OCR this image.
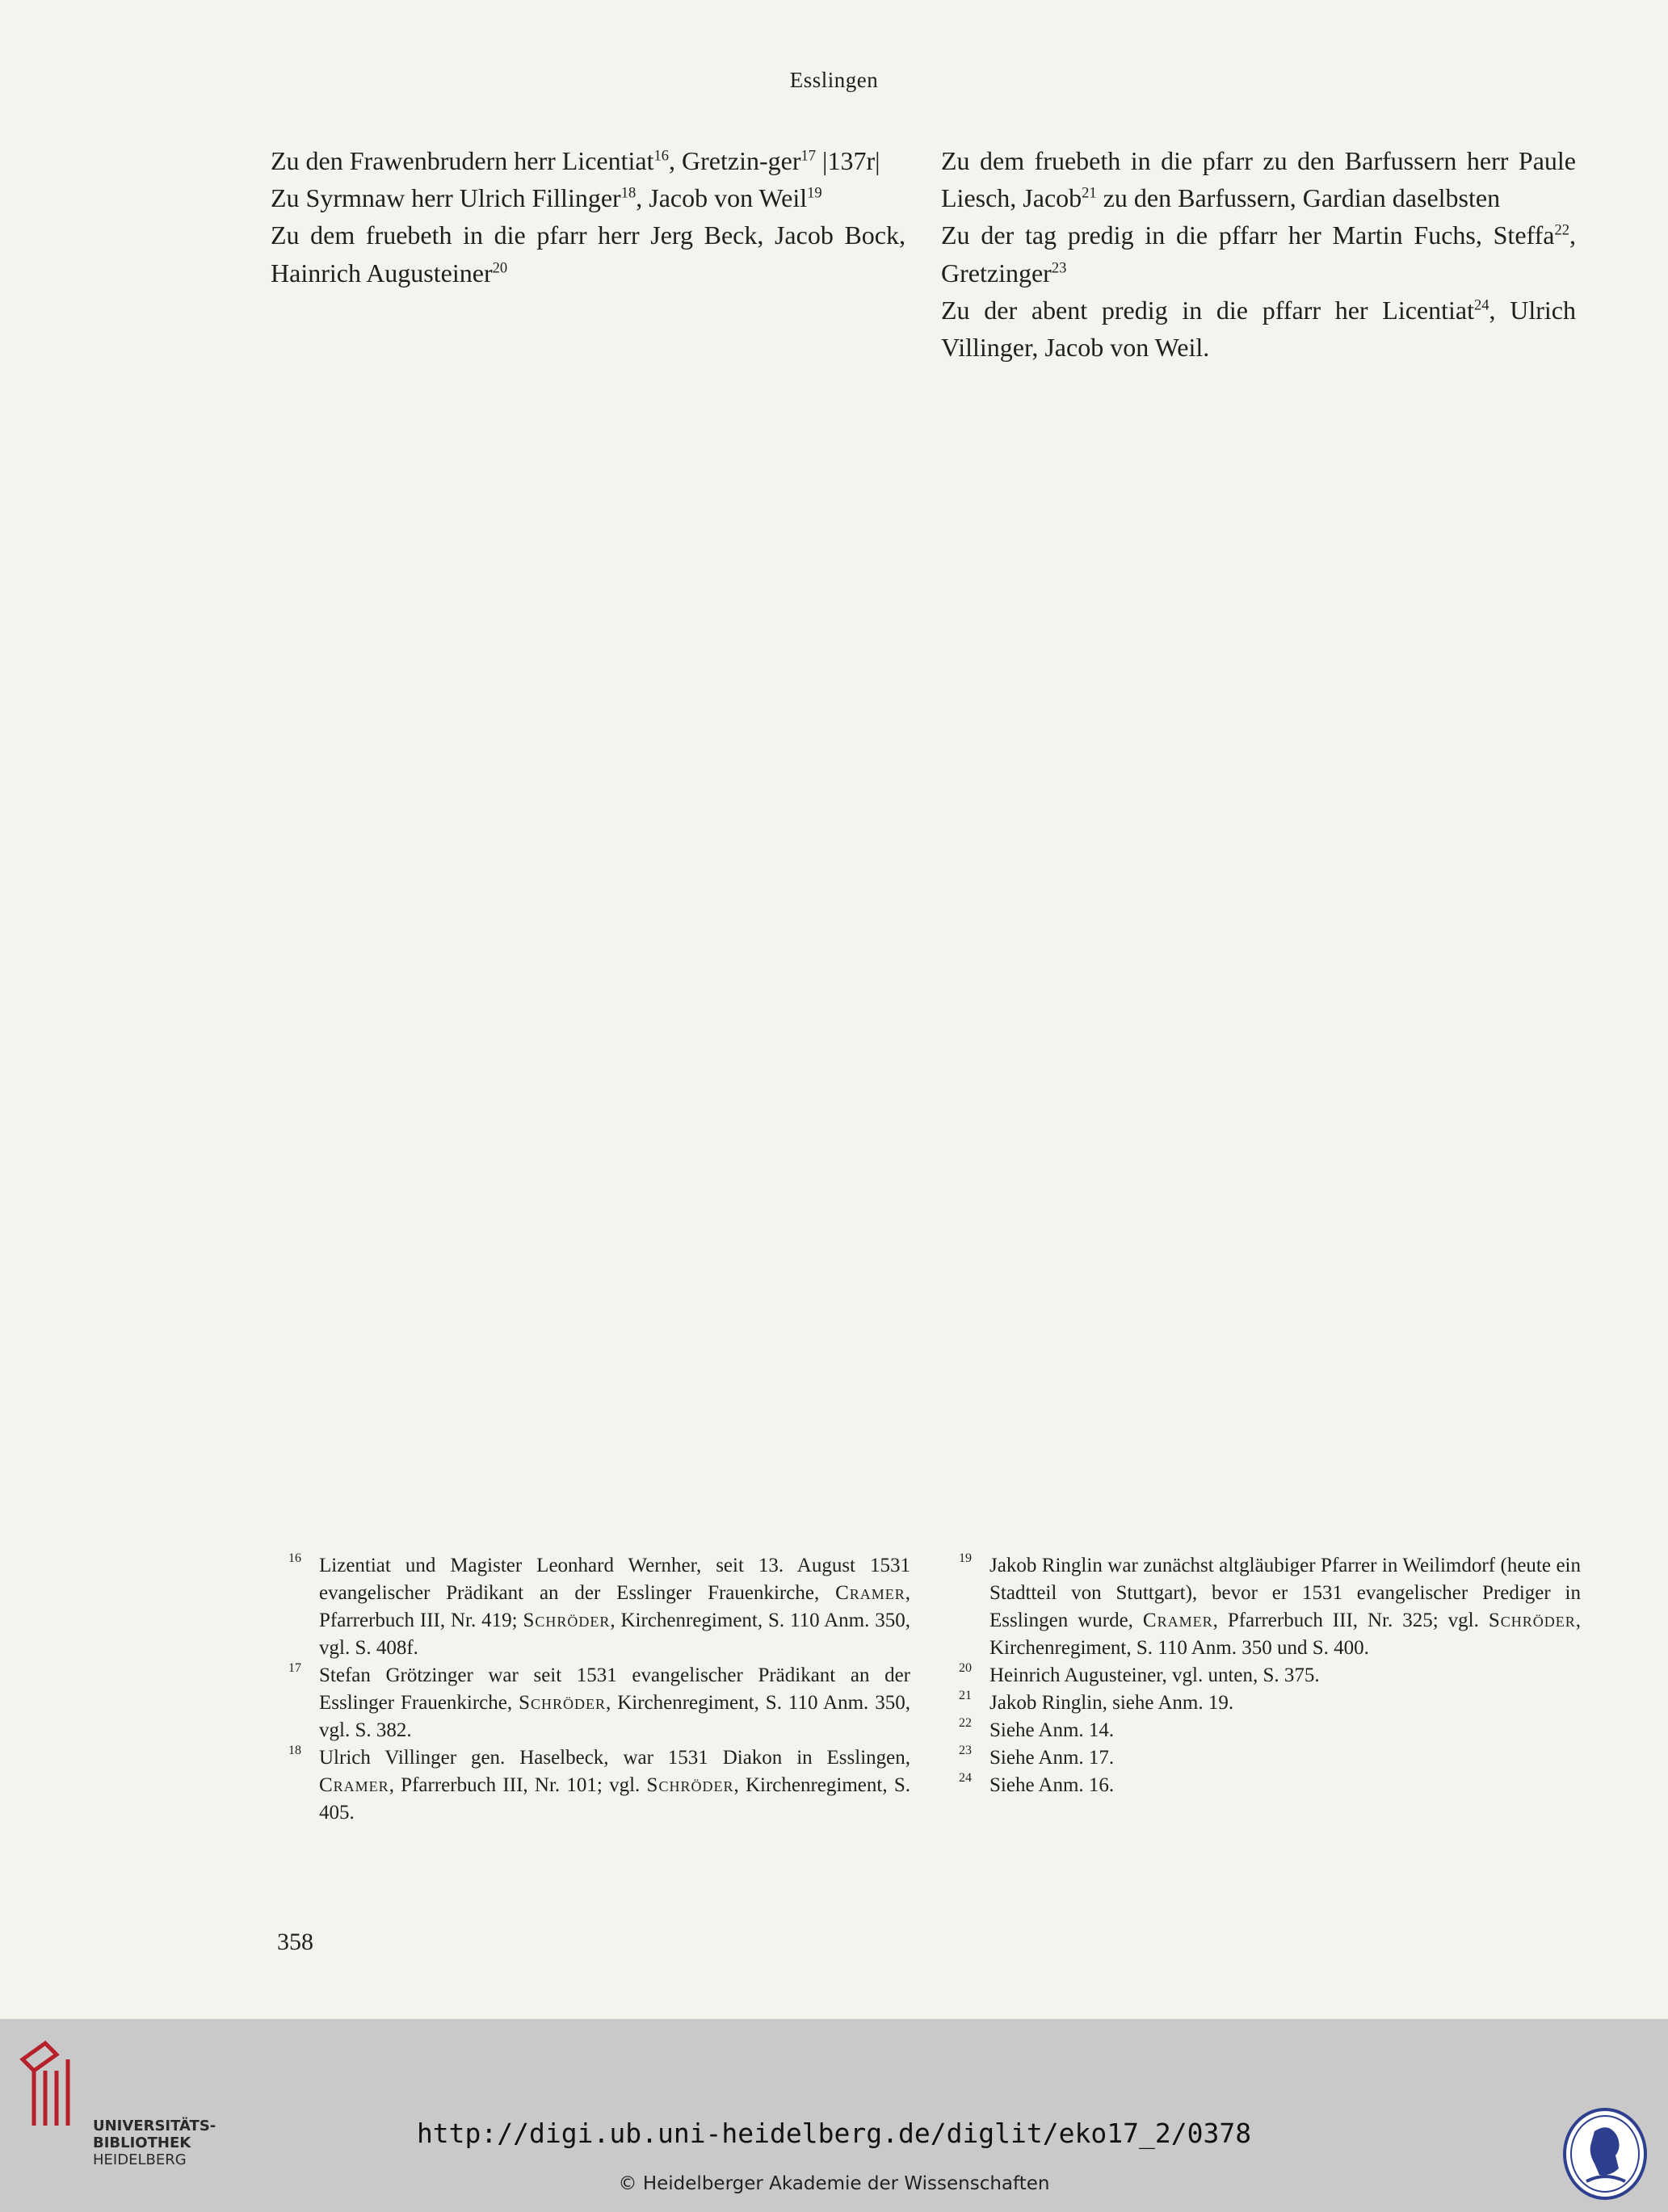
Esslingen

Zu den Frawenbrudern herr Licentiat$^{16}$, Gretzin-ger$^{17}$ |137r|

Zu Syrmnaw herr Ulrich Fillinger$^{18}$, Jacob von Weil$^{19}$

Zu dem fruebeth in die pfarr herr Jerg Beck, Jacob Bock, Hainrich Augusteiner$^{20}$

Zu dem fruebeth in die pfarr zu den Barfussern herr Paule Liesch, Jacob$^{21}$ zu den Barfussern, Gardian daselbsten

Zu der tag predig in die pffarr her Martin Fuchs, Steffa$^{22}$, Gretzinger$^{23}$

Zu der abent predig in die pffarr her Licentiat$^{24}$, Ulrich Villinger, Jacob von Weil.

16 Lizentiat und Magister Leonhard Wernher, seit 13. August 1531 evangelischer Prädikant an der Esslinger Frauenkirche, Cramer, Pfarrerbuch III, Nr. 419; Schröder, Kirchenregiment, S. 110 Anm. 350, vgl. S. 408f.

17 Stefan Grötzinger war seit 1531 evangelischer Prädikant an der Esslinger Frauenkirche, Schröder, Kirchenregiment, S. 110 Anm. 350, vgl. S. 382.

18 Ulrich Villinger gen. Haselbeck, war 1531 Diakon in Esslingen, Cramer, Pfarrerbuch III, Nr. 101; vgl. Schröder, Kirchenregiment, S. 405.

19 Jakob Ringlin war zunächst altgläubiger Pfarrer in Weilimdorf (heute ein Stadtteil von Stuttgart), bevor er 1531 evangelischer Prediger in Esslingen wurde, Cramer, Pfarrerbuch III, Nr. 325; vgl. Schröder, Kirchenregiment, S. 110 Anm. 350 und S. 400.

20 Heinrich Augusteiner, vgl. unten, S. 375.

21 Jakob Ringlin, siehe Anm. 19.

22 Siehe Anm. 14.

23 Siehe Anm. 17.

24 Siehe Anm. 16.

358
UNIVERSITÄTS-
BIBLIOTHEK
HEIDELBERG
http://digi.ub.uni-heidelberg.de/diglit/eko17_2/0378
© Heidelberger Akademie der Wissenschaften
